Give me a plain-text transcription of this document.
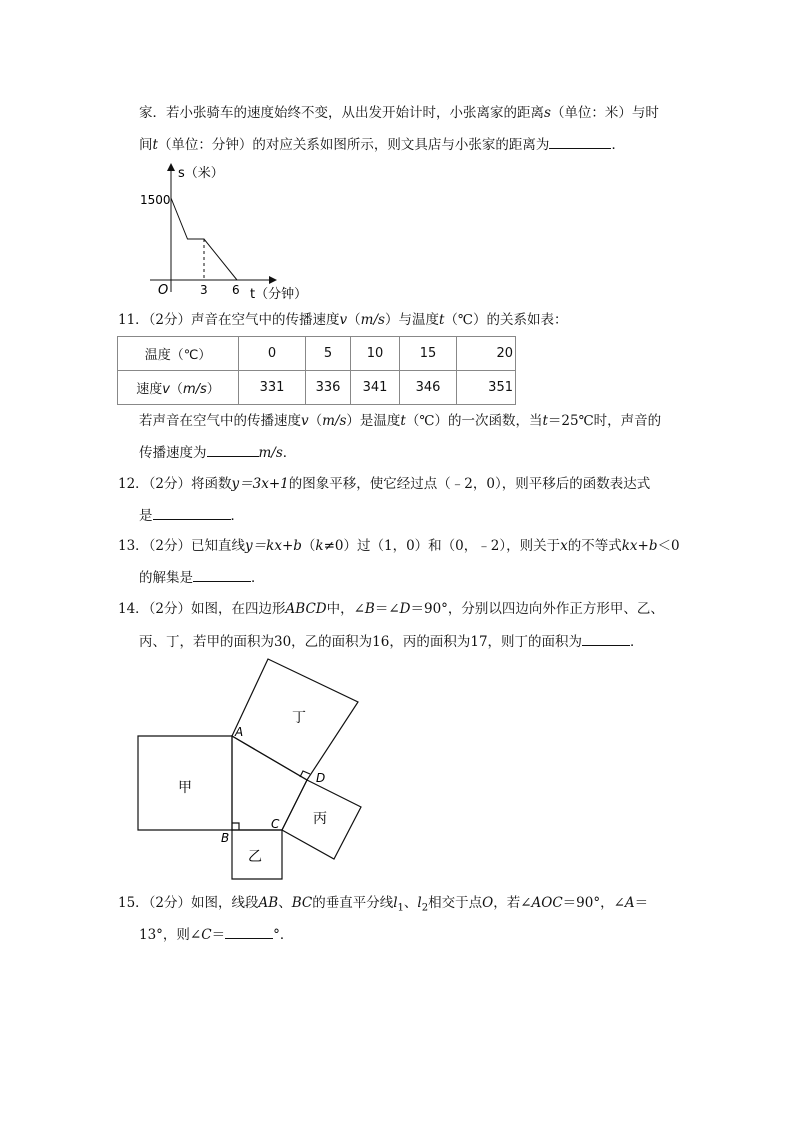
家．若小张骑车的速度始终不变，从出发开始计时，小张离家的距离s（单位：米）与时
间t（单位：分钟）的对应关系如图所示，则文具店与小张家的距离为	．
s（米）
1500
O	3 6 t（分钟）
11．（2分）声音在空气中的传播速度v（m/s）与温度t（℃）的关系如表：
温度（℃）	0	5	10	15	20
速度v（m/s）	331	336	341	346	351
若声音在空气中的传播速度v（m/s）是温度t（℃）的一次函数，当t＝25℃时，声音的
传播速度为	m/s．
12．（2分）将函数y＝3x+1的图象平移，使它经过点（﹣2，0），则平移后的函数表达式
是	．
13．（2分）已知直线y＝kx+b（k≠0）过（1，0）和（0，﹣2），则关于x的不等式kx+b＜0
的解集是	．
14．（2分）如图，在四边形ABCD中，∠B＝∠D＝90°，分别以四边向外作正方形甲、乙、
丙、丁，若甲的面积为30，乙的面积为16，丙的面积为17，则丁的面积为	．
丁
甲
丙
乙
A
B
C
D
15．（2分）如图，线段AB、BC的垂直平分线$l_1$、$l_2$相交于点O，若∠AOC＝90°，∠A＝
13°，则∠C＝	°．
